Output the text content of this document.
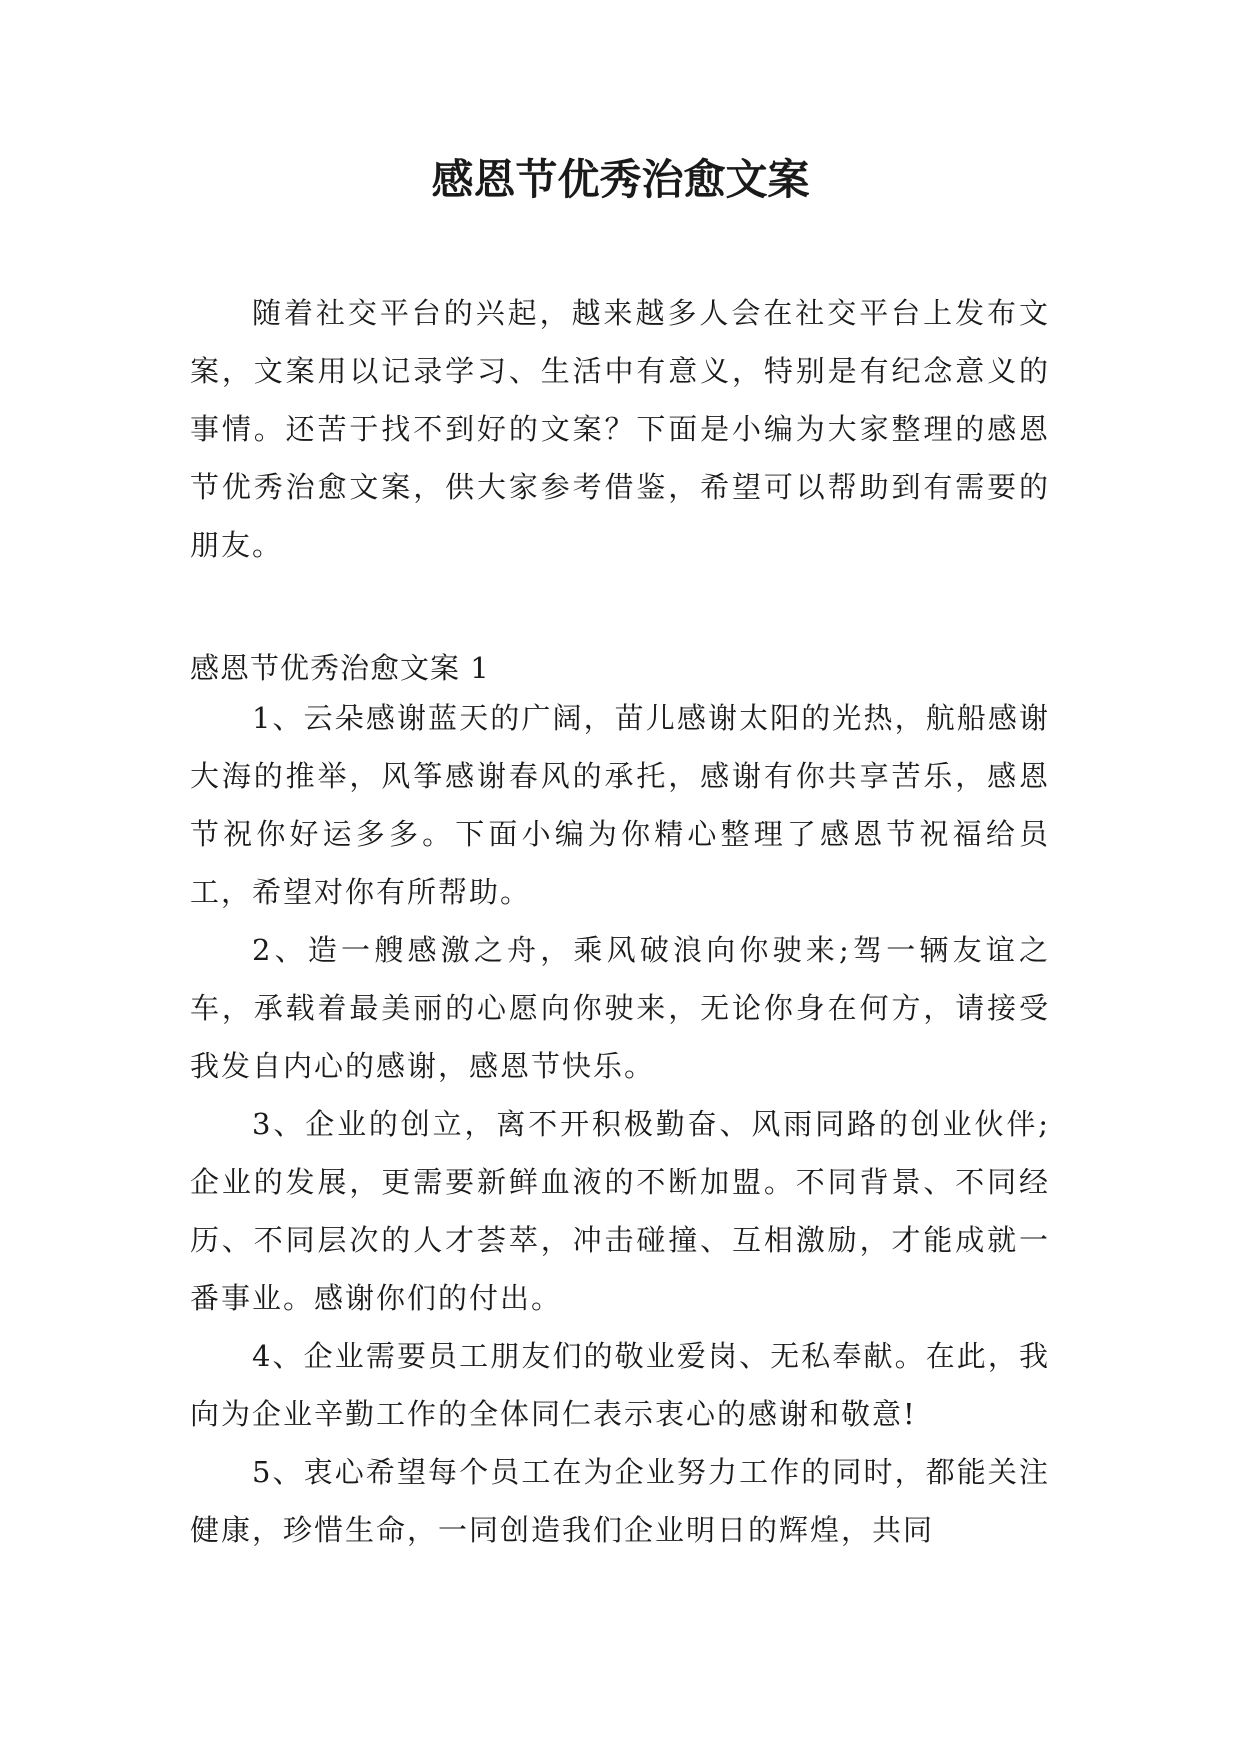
感恩节优秀治愈文案

随着社交平台的兴起，越来越多人会在社交平台上发布文案，文案用以记录学习、生活中有意义，特别是有纪念意义的事情。还苦于找不到好的文案？下面是小编为大家整理的感恩节优秀治愈文案，供大家参考借鉴，希望可以帮助到有需要的朋友。

感恩节优秀治愈文案 1

1、云朵感谢蓝天的广阔，苗儿感谢太阳的光热，航船感谢大海的推举，风筝感谢春风的承托，感谢有你共享苦乐，感恩节祝你好运多多。下面小编为你精心整理了感恩节祝福给员工，希望对你有所帮助。

2、造一艘感激之舟，乘风破浪向你驶来;驾一辆友谊之车，承载着最美丽的心愿向你驶来，无论你身在何方，请接受我发自内心的感谢，感恩节快乐。

3、企业的创立，离不开积极勤奋、风雨同路的创业伙伴;企业的发展，更需要新鲜血液的不断加盟。不同背景、不同经历、不同层次的人才荟萃，冲击碰撞、互相激励，才能成就一番事业。感谢你们的付出。

4、企业需要员工朋友们的敬业爱岗、无私奉献。在此，我向为企业辛勤工作的全体同仁表示衷心的感谢和敬意!

5、衷心希望每个员工在为企业努力工作的同时，都能关注健康，珍惜生命，一同创造我们企业明日的辉煌，共同
